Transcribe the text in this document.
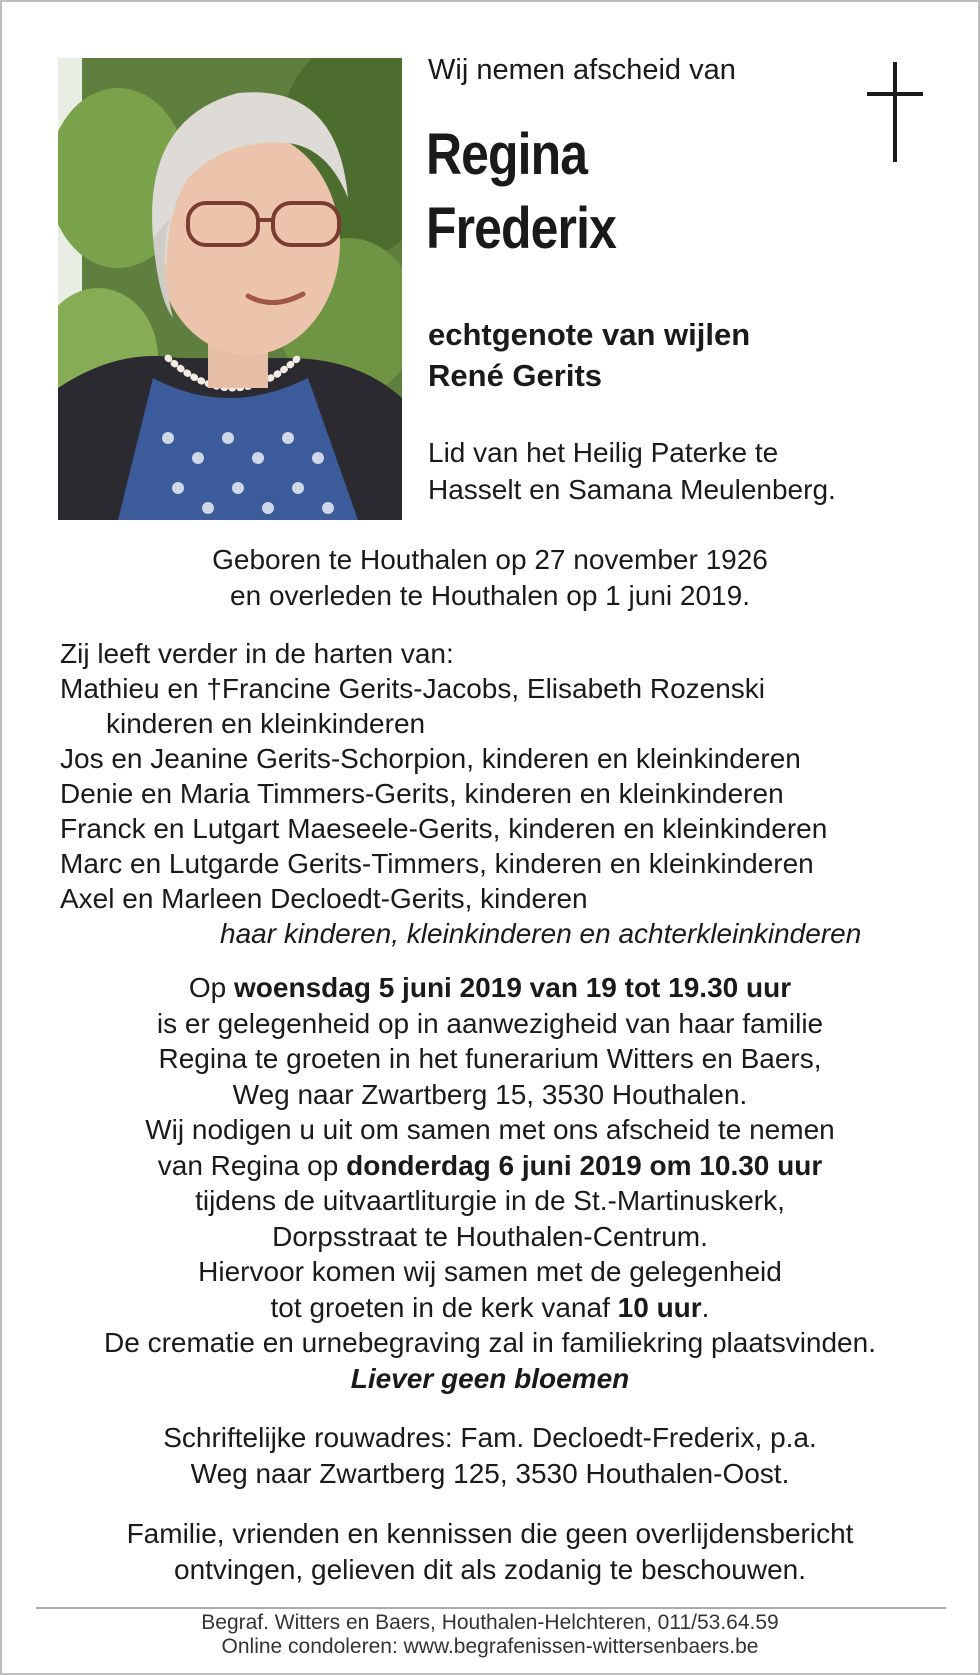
Wij nemen afscheid van
Regina
Frederix
echtgenote van wijlen
René Gerits
Lid van het Heilig Paterke te
Hasselt en Samana Meulenberg.
Geboren te Houthalen op 27 november 1926
en overleden te Houthalen op 1 juni 2019.
Zij leeft verder in de harten van:
Mathieu en †Francine Gerits-Jacobs, Elisabeth Rozenski
kinderen en kleinkinderen
Jos en Jeanine Gerits-Schorpion, kinderen en kleinkinderen
Denie en Maria Timmers-Gerits, kinderen en kleinkinderen
Franck en Lutgart Maeseele-Gerits, kinderen en kleinkinderen
Marc en Lutgarde Gerits-Timmers, kinderen en kleinkinderen
Axel en Marleen Decloedt-Gerits, kinderen
haar kinderen, kleinkinderen en achterkleinkinderen
Op woensdag 5 juni 2019 van 19 tot 19.30 uur
is er gelegenheid op in aanwezigheid van haar familie
Regina te groeten in het funerarium Witters en Baers,
Weg naar Zwartberg 15, 3530 Houthalen.
Wij nodigen u uit om samen met ons afscheid te nemen
van Regina op donderdag 6 juni 2019 om 10.30 uur
tijdens de uitvaartliturgie in de St.-Martinuskerk,
Dorpsstraat te Houthalen-Centrum.
Hiervoor komen wij samen met de gelegenheid
tot groeten in de kerk vanaf 10 uur.
De crematie en urnebegraving zal in familiekring plaatsvinden.
Liever geen bloemen
Schriftelijke rouwadres: Fam. Decloedt-Frederix, p.a.
Weg naar Zwartberg 125, 3530 Houthalen-Oost.
Familie, vrienden en kennissen die geen overlijdensbericht
ontvingen, gelieven dit als zodanig te beschouwen.
Begraf. Witters en Baers, Houthalen-Helchteren, 011/53.64.59
Online condoleren: www.begrafenissen-wittersenbaers.be
